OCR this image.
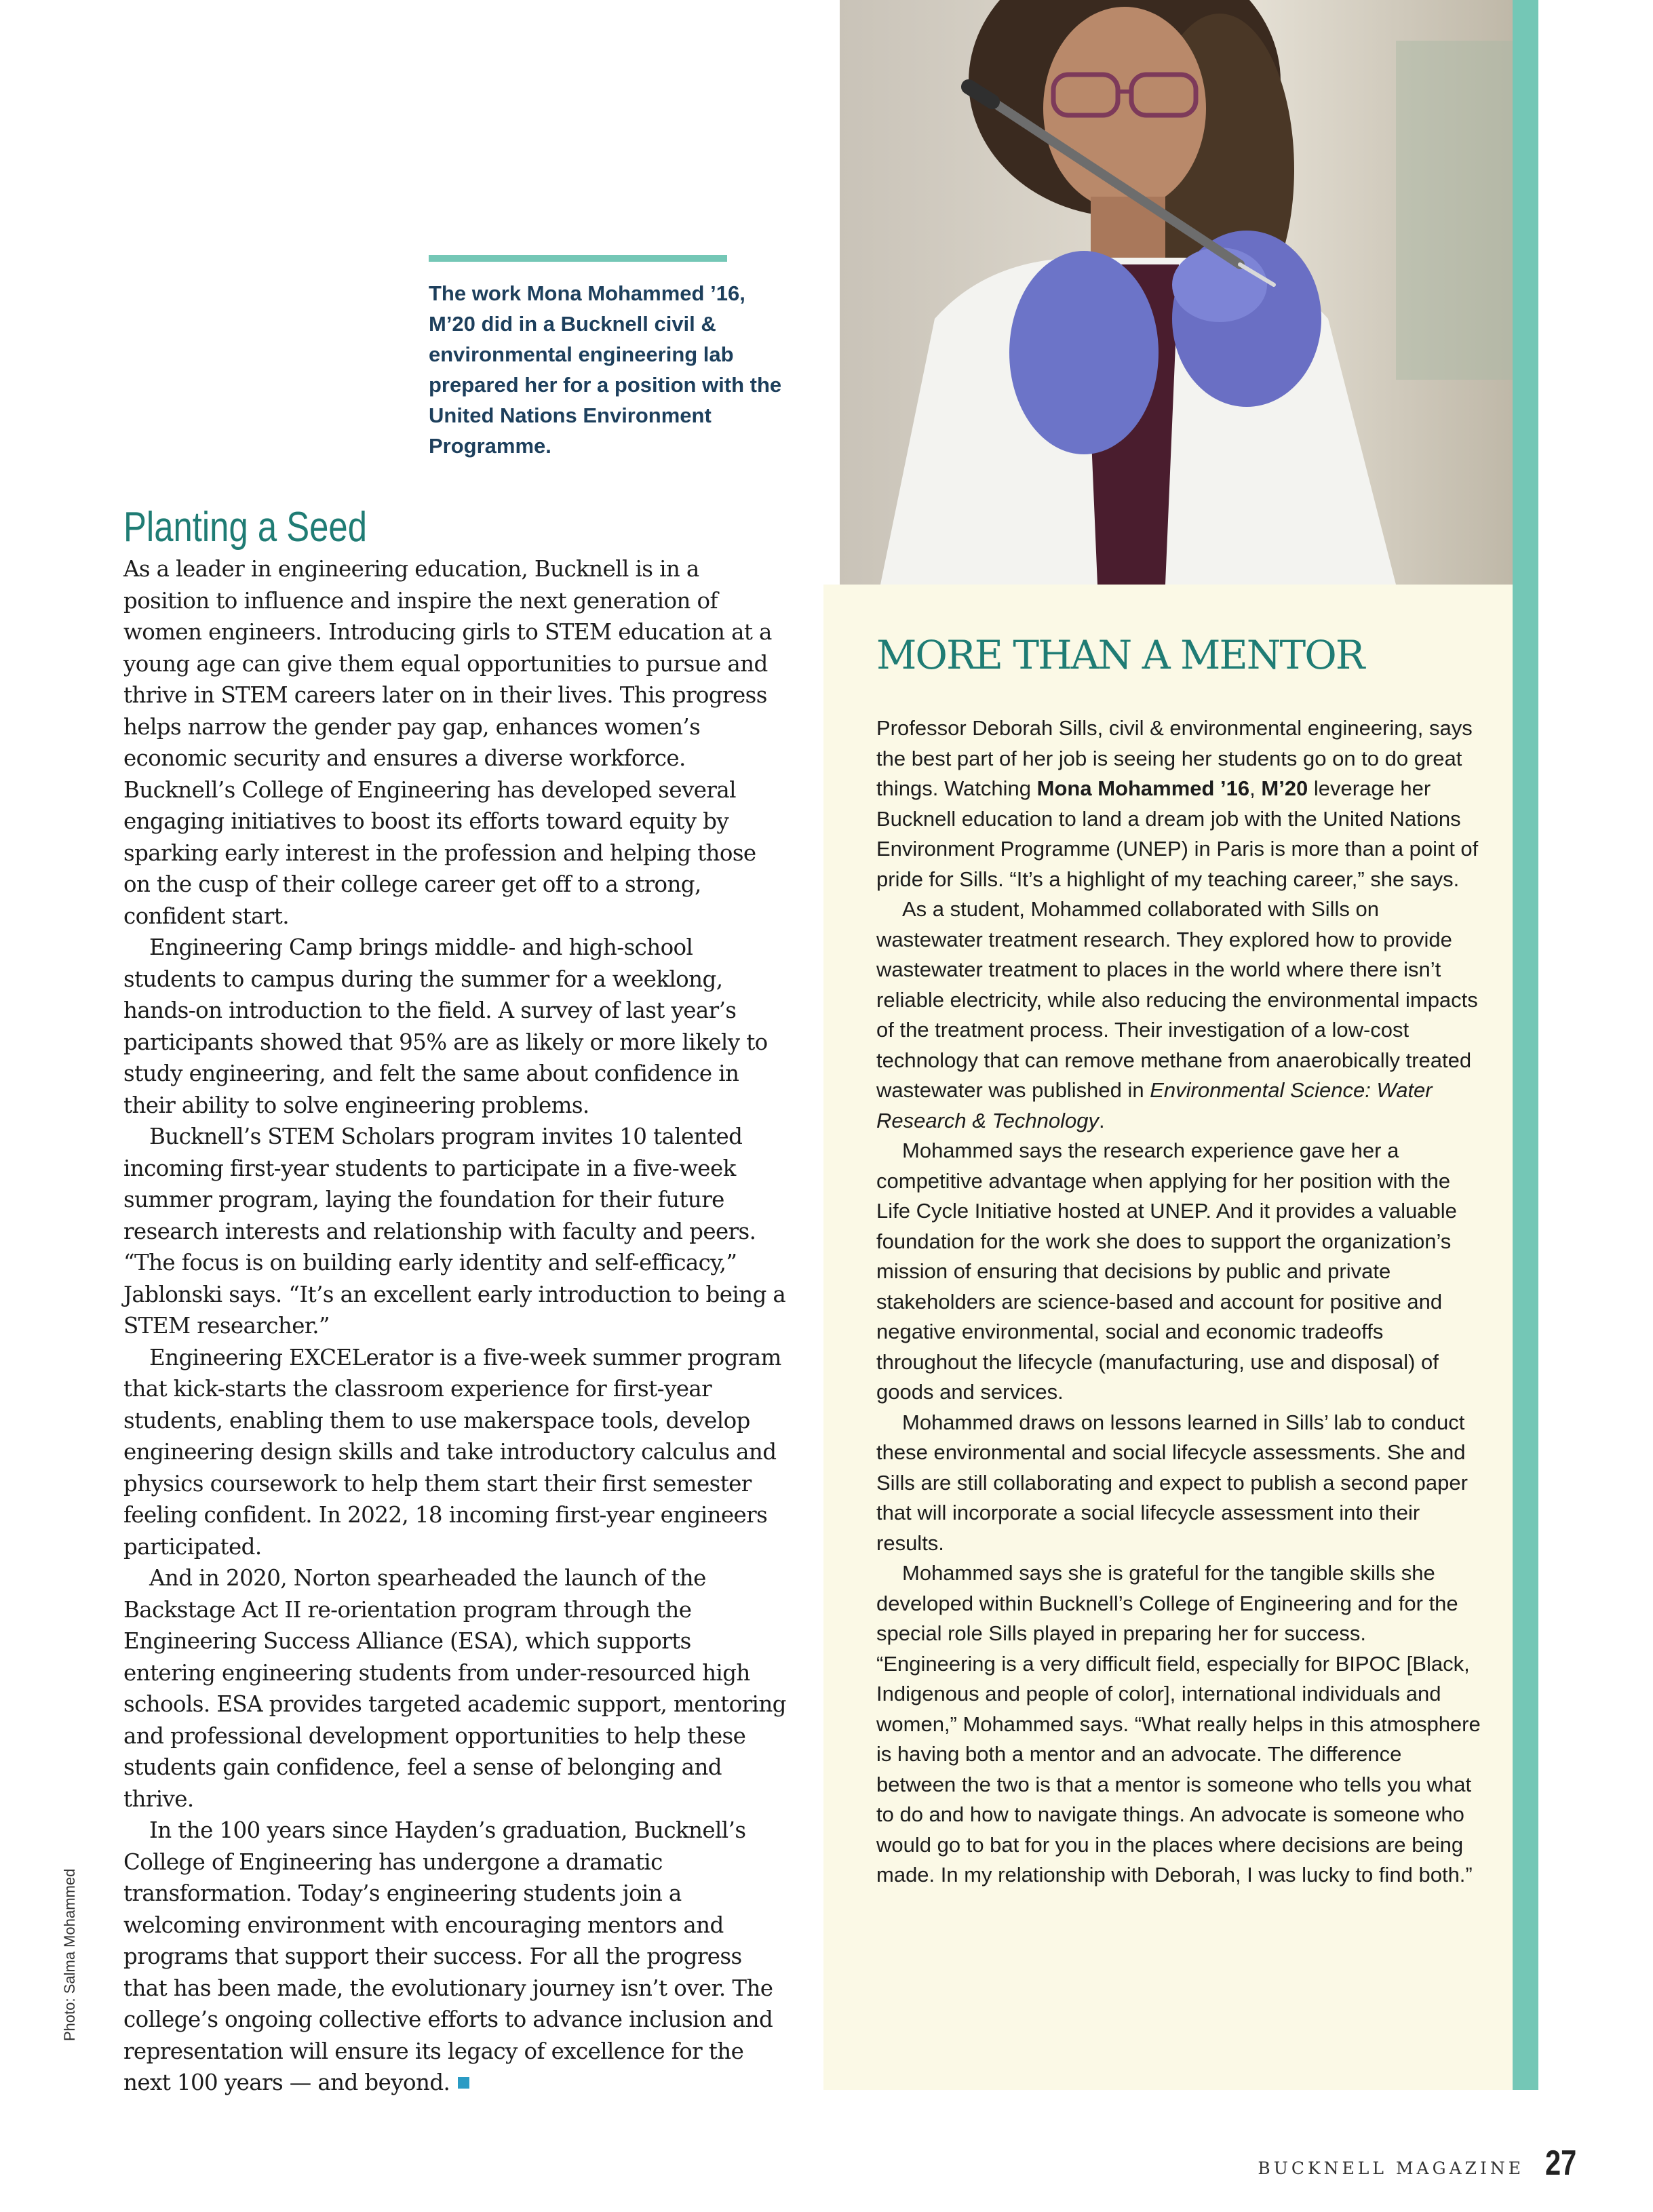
The work Mona Mohammed ’16, M’20 did in a Bucknell civil & environmental engineering lab prepared her for a position with the United Nations Environment Programme.
Planting a Seed

As a leader in engineering education, Bucknell is in a position to influence and inspire the next generation of women engineers. Introducing girls to STEM education at a young age can give them equal opportunities to pursue and thrive in STEM careers later on in their lives. This progress helps narrow the gender pay gap, enhances women’s economic security and ensures a diverse workforce. Bucknell’s College of Engineering has developed several engaging initiatives to boost its efforts toward equity by sparking early interest in the profession and helping those on the cusp of their college career get off to a strong, confident start.

Engineering Camp brings middle- and high-school students to campus during the summer for a weeklong, hands-on introduction to the field. A survey of last year’s participants showed that 95% are as likely or more likely to study engineering, and felt the same about confidence in their ability to solve engineering problems.

Bucknell’s STEM Scholars program invites 10 talented incoming first-year students to participate in a five-week summer program, laying the foundation for their future research interests and relationship with faculty and peers. “The focus is on building early identity and self-efficacy,” Jablonski says. “It’s an excellent early introduction to being a STEM researcher.”

Engineering EXCELerator is a five-week summer program that kick-starts the classroom experience for first-year students, enabling them to use makerspace tools, develop engineering design skills and take introductory calculus and physics coursework to help them start their first semester feeling confident. In 2022, 18 incoming first-year engineers participated.

And in 2020, Norton spearheaded the launch of the Backstage Act II re-orientation program through the Engineering Success Alliance (ESA), which supports entering engineering students from under-resourced high schools. ESA provides targeted academic support, mentoring and professional development opportunities to help these students gain confidence, feel a sense of belonging and thrive.

In the 100 years since Hayden’s graduation, Bucknell’s College of Engineering has undergone a dramatic transformation. Today’s engineering students join a welcoming environment with encouraging mentors and programs that support their success. For all the progress that has been made, the evolutionary journey isn’t over. The college’s ongoing collective efforts to advance inclusion and representation will ensure its legacy of excellence for the next 100 years — and beyond.

MORE THAN A MENTOR

Professor Deborah Sills, civil & environmental engineering, says the best part of her job is seeing her students go on to do great things. Watching Mona Mohammed ’16, M’20 leverage her Bucknell education to land a dream job with the United Nations Environment Programme (UNEP) in Paris is more than a point of pride for Sills. “It’s a highlight of my teaching career,” she says.

As a student, Mohammed collaborated with Sills on wastewater treatment research. They explored how to provide wastewater treatment to places in the world where there isn’t reliable electricity, while also reducing the environmental impacts of the treatment process. Their investigation of a low-cost technology that can remove methane from anaerobically treated wastewater was published in Environmental Science: Water Research & Technology.

Mohammed says the research experience gave her a competitive advantage when applying for her position with the Life Cycle Initiative hosted at UNEP. And it provides a valuable foundation for the work she does to support the organization’s mission of ensuring that decisions by public and private stakeholders are science-based and account for positive and negative environmental, social and economic tradeoffs throughout the lifecycle (manufacturing, use and disposal) of goods and services.

Mohammed draws on lessons learned in Sills’ lab to conduct these environmental and social lifecycle assessments. She and Sills are still collaborating and expect to publish a second paper that will incorporate a social lifecycle assessment into their results.

Mohammed says she is grateful for the tangible skills she developed within Bucknell’s College of Engineering and for the special role Sills played in preparing her for success. “Engineering is a very difficult field, especially for BIPOC [Black, Indigenous and people of color], international individuals and women,” Mohammed says. “What really helps in this atmosphere is having both a mentor and an advocate. The difference between the two is that a mentor is someone who tells you what to do and how to navigate things. An advocate is someone who would go to bat for you in the places where decisions are being made. In my relationship with Deborah, I was lucky to find both.”

Photo: Salma Mohammed
BUCKNELL MAGAZINE 27
